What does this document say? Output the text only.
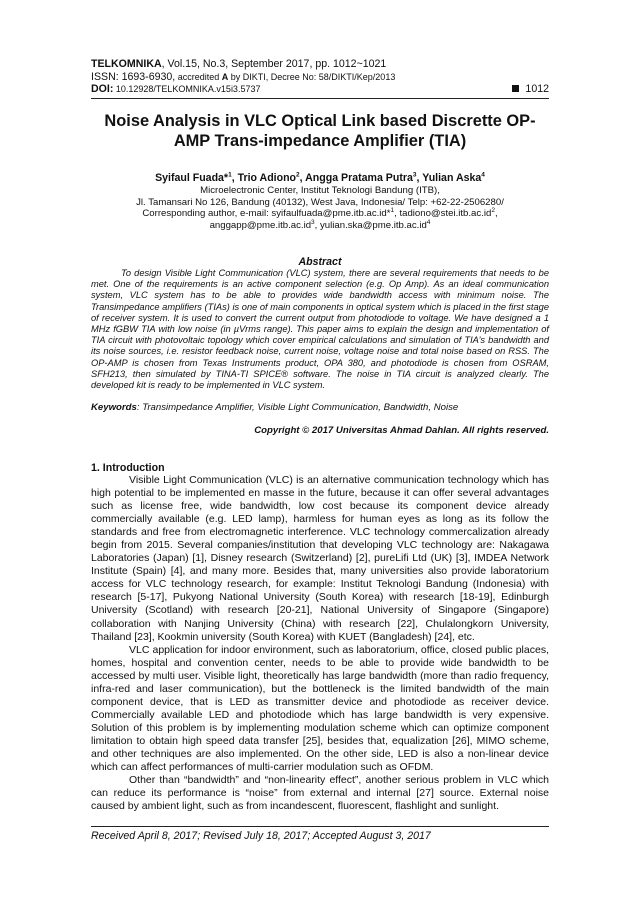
TELKOMNIKA, Vol.15, No.3, September 2017, pp. 1012~1021
ISSN: 1693-6930, accredited A by DIKTI, Decree No: 58/DIKTI/Kep/2013
DOI: 10.12928/TELKOMNIKA.v15i3.5737	1012
Noise Analysis in VLC Optical Link based Discrette OP-
AMP Trans-impedance Amplifier (TIA)
Syifaul Fuada*$^1$, Trio Adiono$^2$, Angga Pratama Putra$^3$, Yulian Aska$^4$
Microelectronic Center, Institut Teknologi Bandung (ITB),
Jl. Tamansari No 126, Bandung (40132), West Java, Indonesia/ Telp: +62-22-2506280/
Corresponding author, e-mail: syifaulfuada@pme.itb.ac.id*$^1$, $tadiono@stei.itb.ac.id^2$,
$anggapp@pme.itb.ac.id^3$, $yulian.ska@pme.itb.ac.id^4$
Abstract
To design Visible Light Communication (VLC) system, there are several requirements that needs to be met. One of the requirements is an active component selection (e.g. Op Amp). As an ideal communication system, VLC system has to be able to provides wide bandwidth access with minimum noise. The Transimpedance amplifiers (TIAs) is one of main components in optical system which is placed in the first stage of receiver system. It is used to convert the current output from photodiode to voltage. We have designed a 1 MHz fGBW TIA with low noise (in µVrms range). This paper aims to explain the design and implementation of TIA circuit with photovoltaic topology which cover empirical calculations and simulation of TIA’s bandwidth and its noise sources, i.e. resistor feedback noise, current noise, voltage noise and total noise based on RSS. The OP-AMP is chosen from Texas Instruments product, OPA 380, and photodiode is chosen from OSRAM, SFH213, then simulated by TINA-TI SPICE® software. The noise in TIA circuit is analyzed clearly. The developed kit is ready to be implemented in VLC system.
Keywords: Transimpedance Amplifier, Visible Light Communication, Bandwidth, Noise
Copyright © 2017 Universitas Ahmad Dahlan. All rights reserved.
1. Introduction

Visible Light Communication (VLC) is an alternative communication technology which has high potential to be implemented en masse in the future, because it can offer several advantages such as license free, wide bandwidth, low cost because its component device already commercially available (e.g. LED lamp), harmless for human eyes as long as its follow the standards and free from electromagnetic interference. VLC technology commercalization already begin from 2015. Several companies/institution that developing VLC technology are: Nakagawa Laboratories (Japan) [1], Disney research (Switzerland) [2], pureLifi Ltd (UK) [3], IMDEA Network Institute (Spain) [4], and many more. Besides that, many universities also provide laboratorium access for VLC technology research, for example: Institut Teknologi Bandung (Indonesia) with research [5-17], Pukyong National University (South Korea) with research [18-19], Edinburgh University (Scotland) with research [20-21], National University of Singapore (Singapore) collaboration with Nanjing University (China) with research [22], Chulalongkorn University, Thailand [23], Kookmin university (South Korea) with KUET (Bangladesh) [24], etc.

VLC application for indoor environment, such as laboratorium, office, closed public places, homes, hospital and convention center, needs to be able to provide wide bandwidth to be accessed by multi user. Visible light, theoretically has large bandwidth (more than radio frequency, infra-red and laser communication), but the bottleneck is the limited bandwidth of the main component device, that is LED as transmitter device and photodiode as receiver device. Commercially available LED and photodiode which has large bandwidth is very expensive. Solution of this problem is by implementing modulation scheme which can optimize component limitation to obtain high speed data transfer [25], besides that, equalization [26], MIMO scheme, and other techniques are also implemented. On the other side, LED is also a non-linear device which can affect performances of multi-carrier modulation such as OFDM.

Other than “bandwidth” and “non-linearity effect”, another serious problem in VLC which can reduce its performance is “noise” from external and internal [27] source. External noise caused by ambient light, such as from incandescent, fluorescent, flashlight and sunlight.

Received April 8, 2017; Revised July 18, 2017; Accepted August 3, 2017
